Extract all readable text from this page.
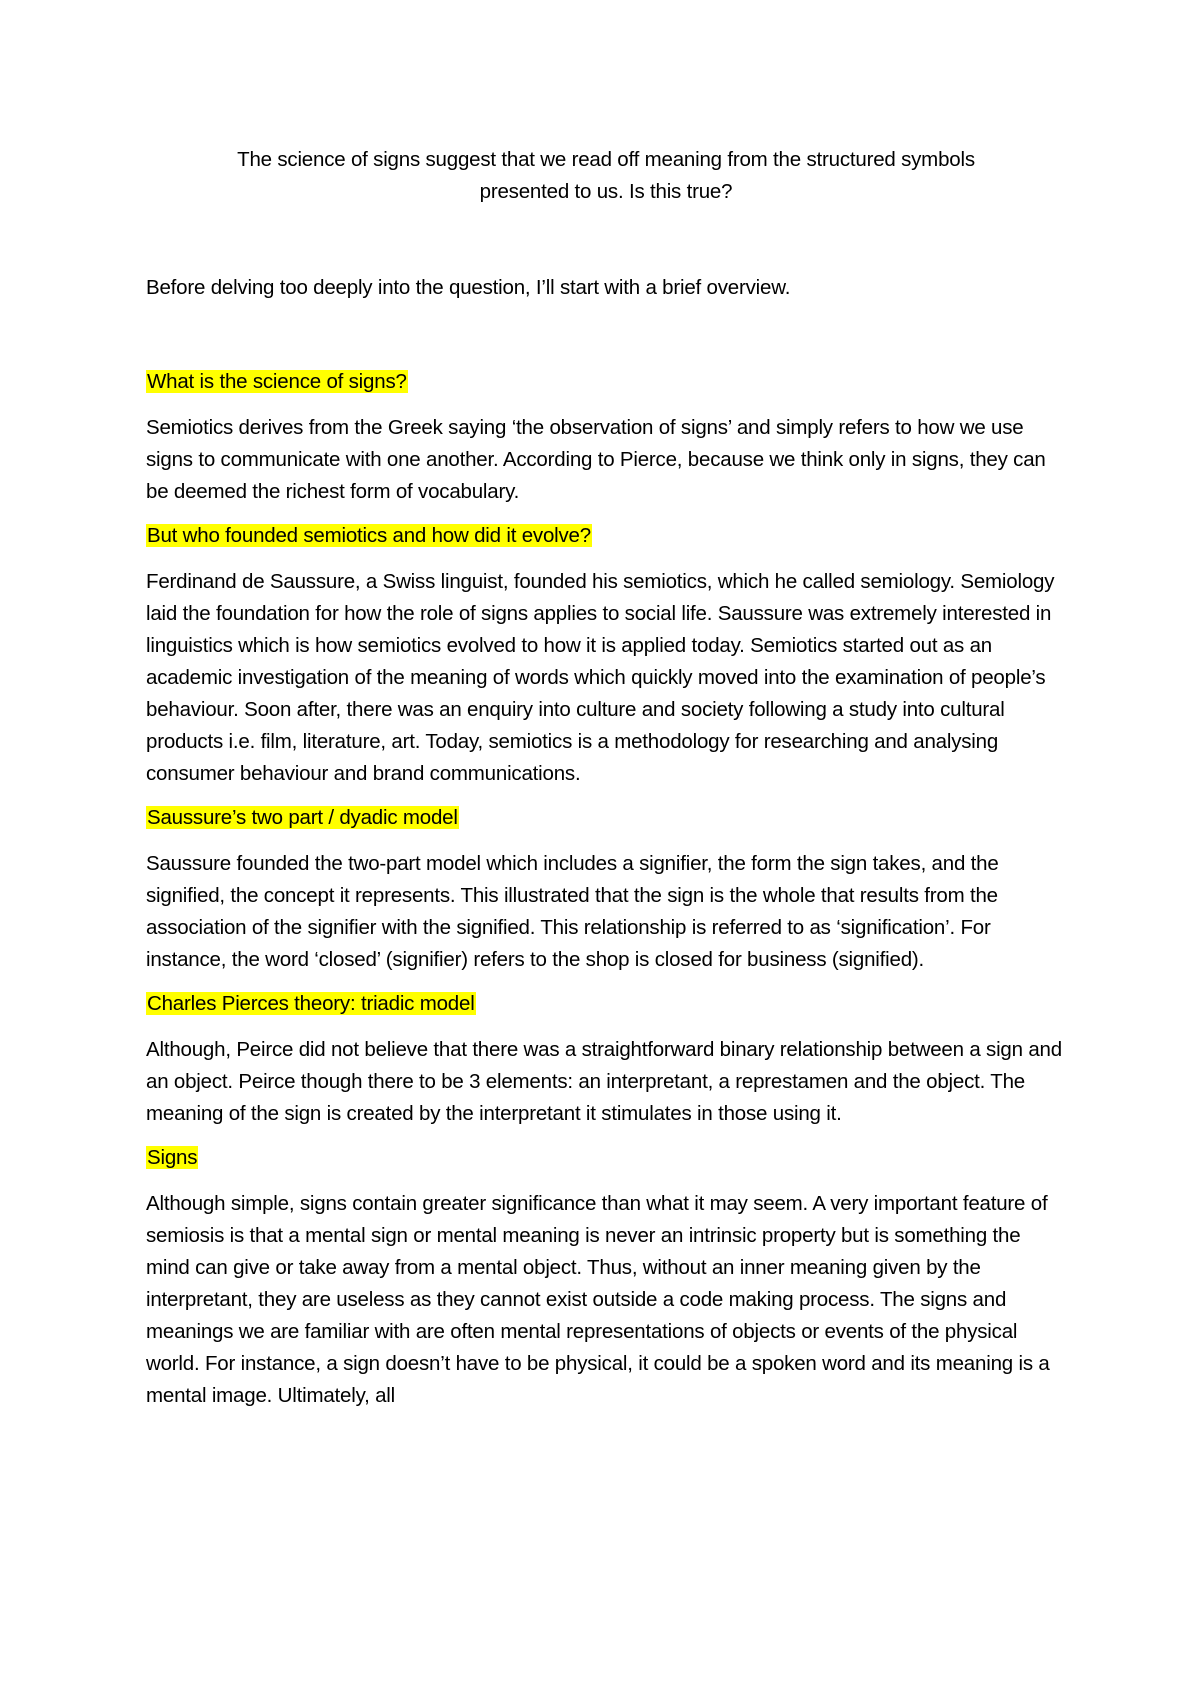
The science of signs suggest that we read off meaning from the structured symbols
presented to us. Is this true?

Before delving too deeply into the question, I’ll start with a brief overview.

What is the science of signs?

Semiotics derives from the Greek saying ‘the observation of signs’ and simply refers to how we use signs to communicate with one another. According to Pierce, because we think only in signs, they can be deemed the richest form of vocabulary.

But who founded semiotics and how did it evolve?

Ferdinand de Saussure, a Swiss linguist, founded his semiotics, which he called semiology. Semiology laid the foundation for how the role of signs applies to social life. Saussure was extremely interested in linguistics which is how semiotics evolved to how it is applied today. Semiotics started out as an academic investigation of the meaning of words which quickly moved into the examination of people’s behaviour. Soon after, there was an enquiry into culture and society following a study into cultural products i.e. film, literature, art. Today, semiotics is a methodology for researching and analysing consumer behaviour and brand communications.

Saussure’s two part / dyadic model

Saussure founded the two-part model which includes a signifier, the form the sign takes, and the signified, the concept it represents. This illustrated that the sign is the whole that results from the association of the signifier with the signified. This relationship is referred to as ‘signification’. For instance, the word ‘closed’ (signifier) refers to the shop is closed for business (signified).

Charles Pierces theory: triadic model

Although, Peirce did not believe that there was a straightforward binary relationship between a sign and an object. Peirce though there to be 3 elements: an interpretant, a represtamen and the object. The meaning of the sign is created by the interpretant it stimulates in those using it.

Signs

Although simple, signs contain greater significance than what it may seem. A very important feature of semiosis is that a mental sign or mental meaning is never an intrinsic property but is something the mind can give or take away from a mental object. Thus, without an inner meaning given by the interpretant, they are useless as they cannot exist outside a code making process. The signs and meanings we are familiar with are often mental representations of objects or events of the physical world. For instance, a sign doesn’t have to be physical, it could be a spoken word and its meaning is a mental image. Ultimately, all
